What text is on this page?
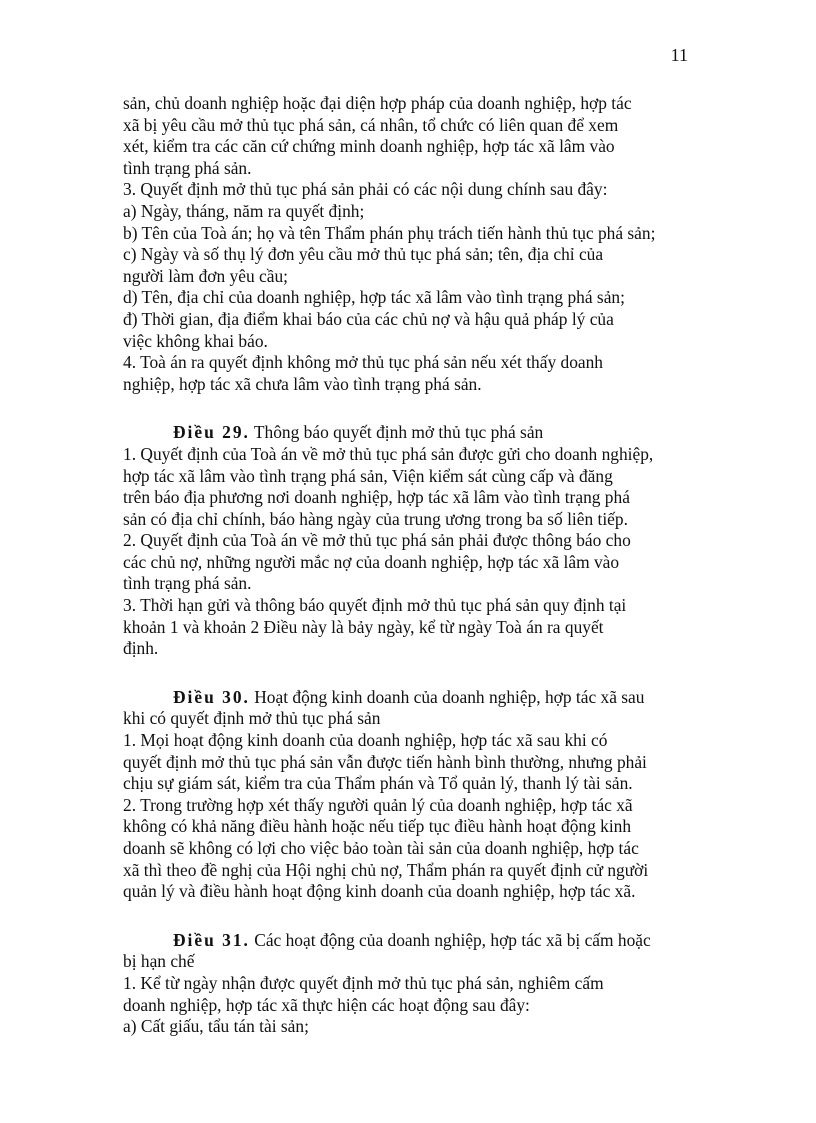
11
sản, chủ doanh nghiệp hoặc đại diện hợp pháp của doanh nghiệp, hợp tác
xã bị yêu cầu mở thủ tục phá sản, cá nhân, tổ chức có liên quan để xem
xét, kiểm tra các căn cứ chứng minh doanh nghiệp, hợp tác xã lâm vào
tình trạng phá sản.
3. Quyết định mở thủ tục phá sản phải có các nội dung chính sau đây:
a) Ngày, tháng, năm ra quyết định;
b) Tên của Toà án; họ và tên Thẩm phán phụ trách tiến hành thủ tục phá sản;
c) Ngày và số thụ lý đơn yêu cầu mở thủ tục phá sản; tên, địa chỉ của
người làm đơn yêu cầu;
d) Tên, địa chỉ của doanh nghiệp, hợp tác xã lâm vào tình trạng phá sản;
đ) Thời gian, địa điểm khai báo của các chủ nợ và hậu quả pháp lý của
việc không khai báo.
4. Toà án ra quyết định không mở thủ tục phá sản nếu xét thấy doanh
nghiệp, hợp tác xã chưa lâm vào tình trạng phá sản.
Điều 29. Thông báo quyết định mở thủ tục phá sản
1. Quyết định của Toà án về mở thủ tục phá sản được gửi cho doanh nghiệp,
hợp tác xã lâm vào tình trạng phá sản, Viện kiểm sát cùng cấp và đăng
trên báo địa phương nơi doanh nghiệp, hợp tác xã lâm vào tình trạng phá
sản có địa chỉ chính, báo hàng ngày của trung ương trong ba số liên tiếp.
2. Quyết định của Toà án về mở thủ tục phá sản phải được thông báo cho
các chủ nợ, những người mắc nợ của doanh nghiệp, hợp tác xã lâm vào
tình trạng phá sản.
3. Thời hạn gửi và thông báo quyết định mở thủ tục phá sản quy định tại
khoản 1 và khoản 2 Điều này là bảy ngày, kể từ ngày Toà án ra quyết
định.
Điều 30. Hoạt động kinh doanh của doanh nghiệp, hợp tác xã sau
khi có quyết định mở thủ tục phá sản
1. Mọi hoạt động kinh doanh của doanh nghiệp, hợp tác xã sau khi có
quyết định mở thủ tục phá sản vẫn được tiến hành bình thường, nhưng phải
chịu sự giám sát, kiểm tra của Thẩm phán và Tổ quản lý, thanh lý tài sản.
2. Trong trường hợp xét thấy người quản lý của doanh nghiệp, hợp tác xã
không có khả năng điều hành hoặc nếu tiếp tục điều hành hoạt động kinh
doanh sẽ không có lợi cho việc bảo toàn tài sản của doanh nghiệp, hợp tác
xã thì theo đề nghị của Hội nghị chủ nợ, Thẩm phán ra quyết định cử người
quản lý và điều hành hoạt động kinh doanh của doanh nghiệp, hợp tác xã.
Điều 31. Các hoạt động của doanh nghiệp, hợp tác xã bị cấm hoặc
bị hạn chế
1. Kể từ ngày nhận được quyết định mở thủ tục phá sản, nghiêm cấm
doanh nghiệp, hợp tác xã thực hiện các hoạt động sau đây:
a) Cất giấu, tẩu tán tài sản;
